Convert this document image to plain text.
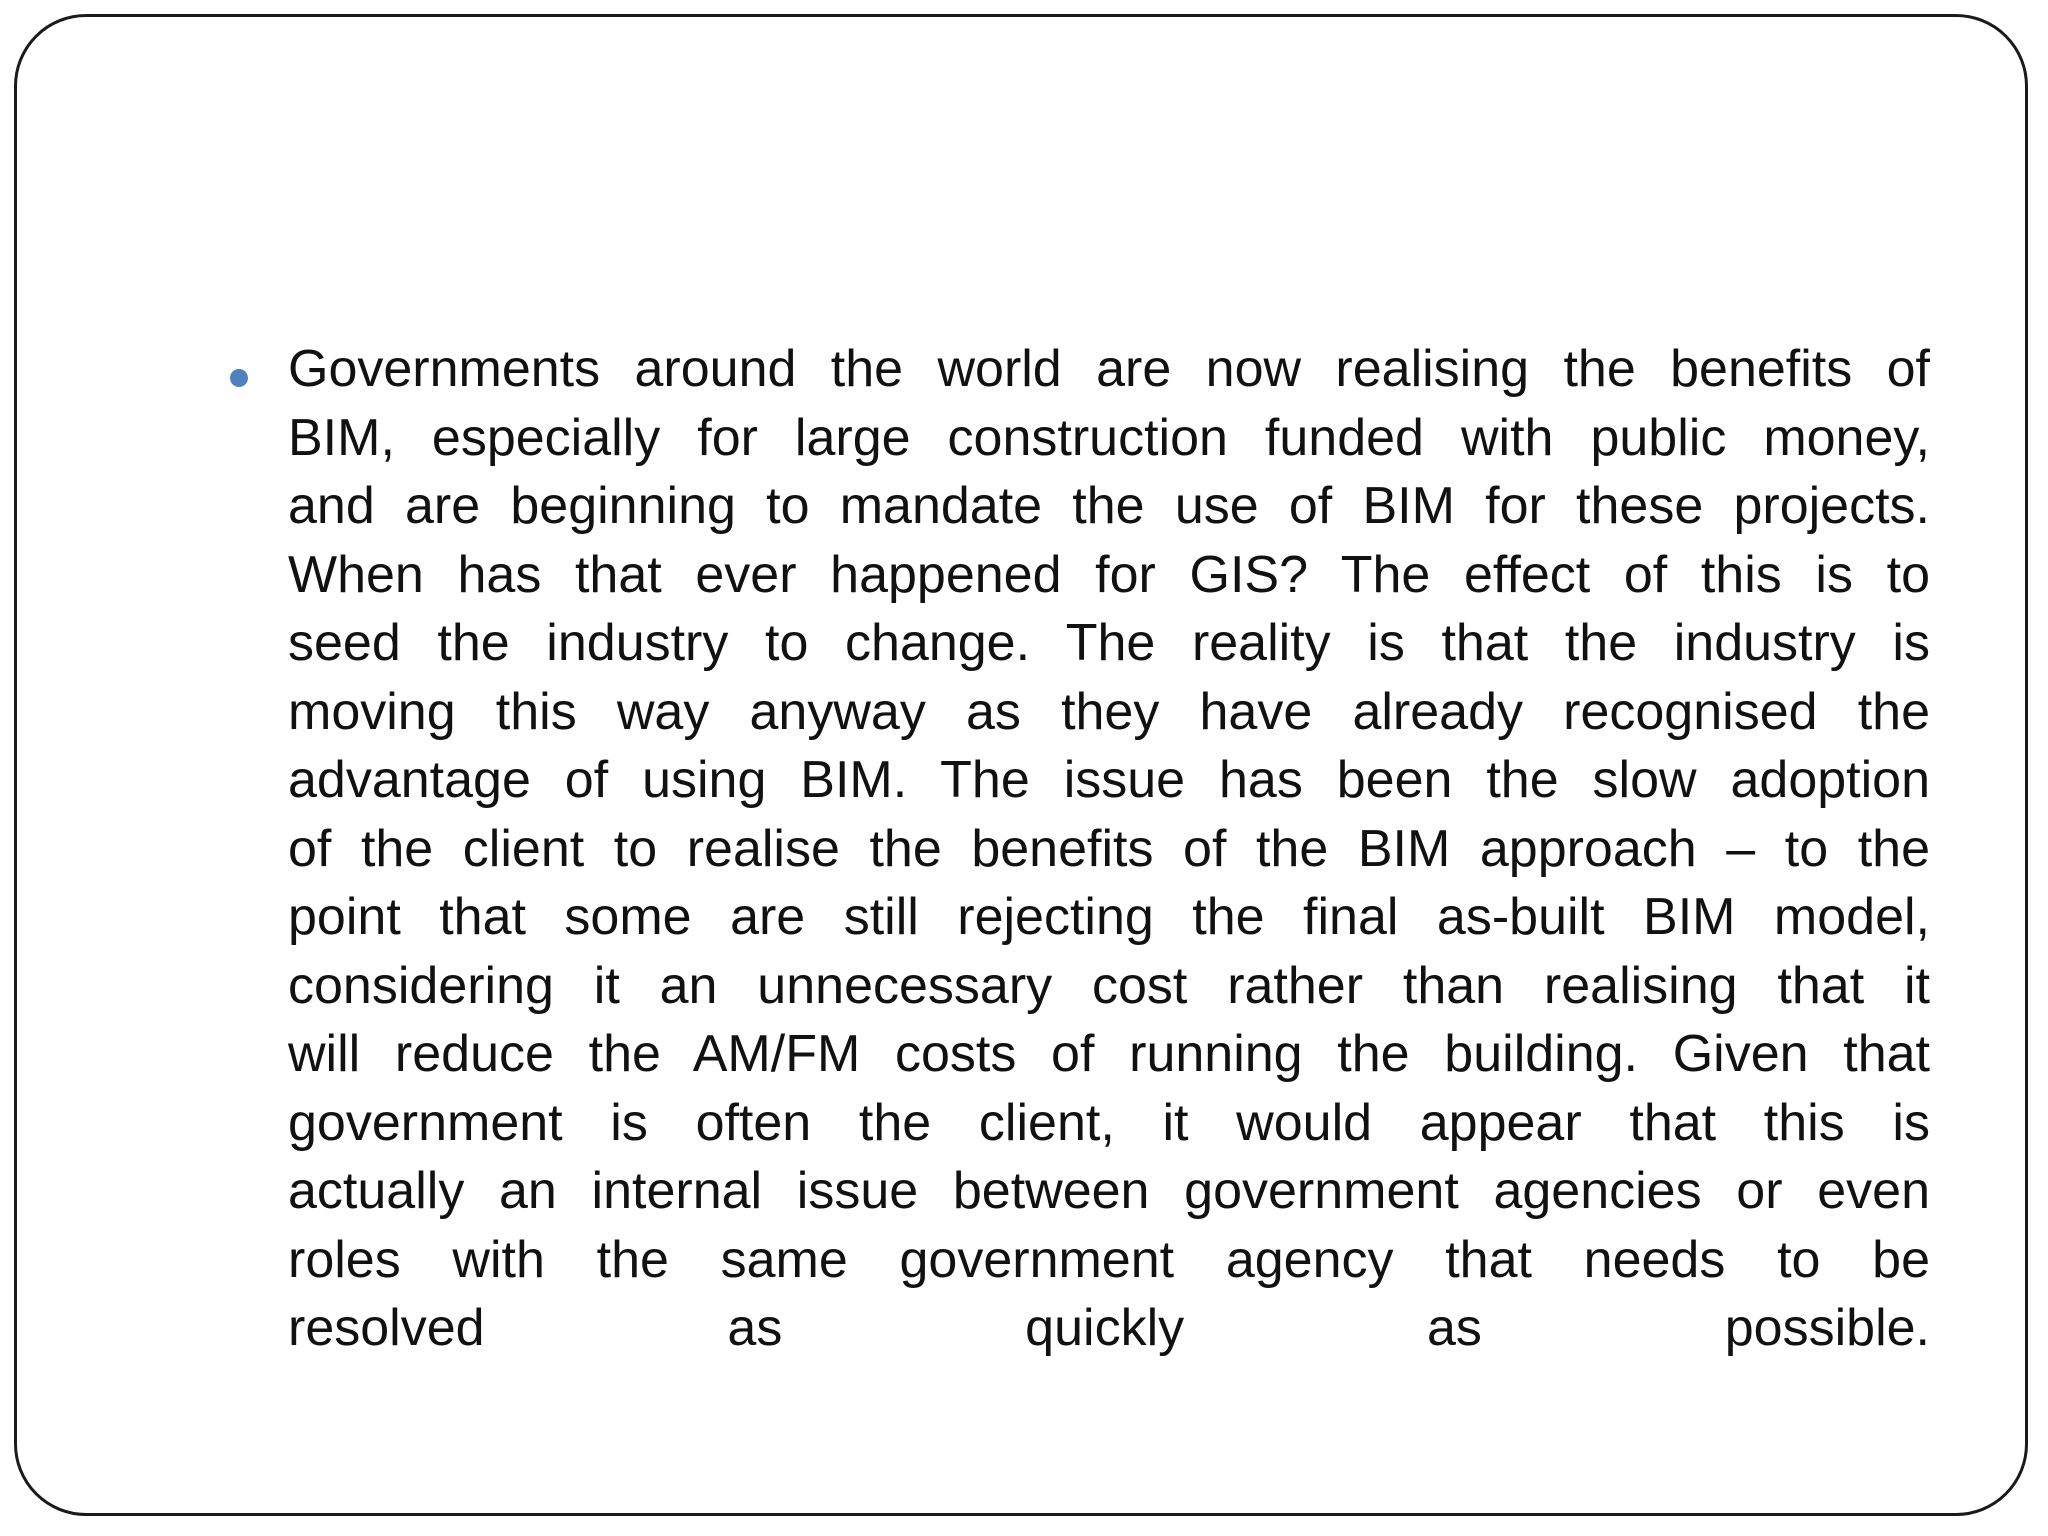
Governments around the world are now realising the benefits of
BIM, especially for large construction funded with public money,
and are beginning to mandate the use of BIM for these projects.
When has that ever happened for GIS? The effect of this is to
seed the industry to change. The reality is that the industry is
moving this way anyway as they have already recognised the
advantage of using BIM. The issue has been the slow adoption
of the client to realise the benefits of the BIM approach – to the
point that some are still rejecting the final as-built BIM model,
considering it an unnecessary cost rather than realising that it
will reduce the AM/FM costs of running the building. Given that
government is often the client, it would appear that this is
actually an internal issue between government agencies or even
roles with the same government agency that needs to be
resolved as quickly as possible.
